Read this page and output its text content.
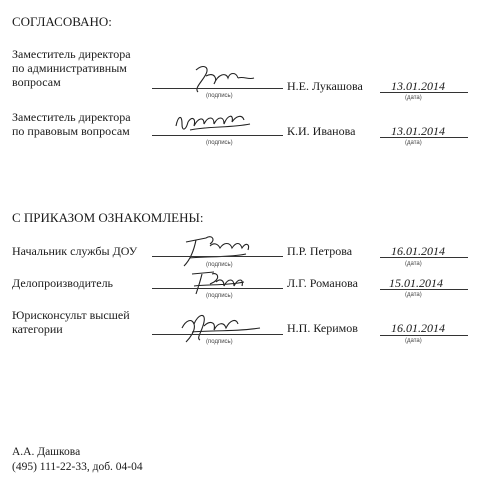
СОГЛАСОВАНО:
Заместитель директора
по административным
вопросам
(подпись)
Н.Е. Лукашова 13.01.2014
(дата)
Заместитель директора
по правовым вопросам
(подпись)
К.И. Иванова	13.01.2014
(дата)
С ПРИКАЗОМ ОЗНАКОМЛЕНЫ:
Начальник службы ДОУ
(подпись)
П.Р. Петрова	16.01.2014
(дата)
Делопроизводитель
(подпись)
Л.Г. Романова	15.01.2014
(дата)
Юрисконсульт высшей
категории
(подпись)
Н.П. Керимов	16.01.2014
(дата)
А.А. Дашкова
(495) 111-22-33, доб. 04-04
